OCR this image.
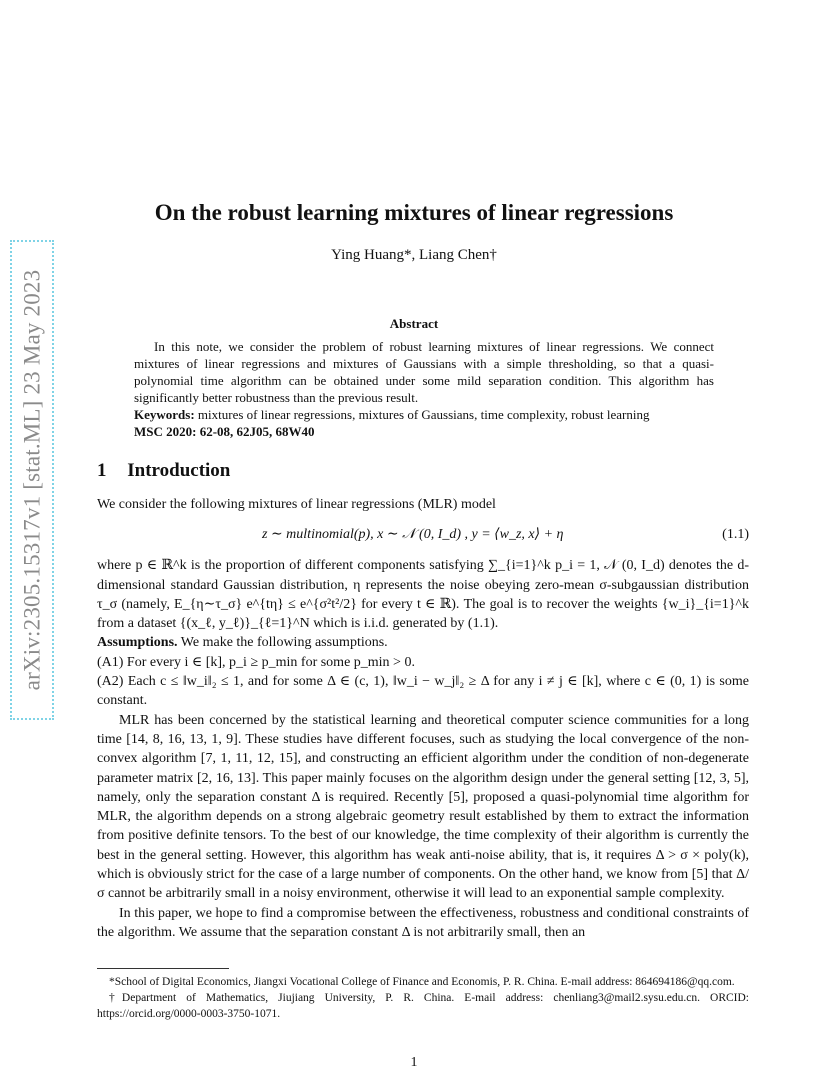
arXiv:2305.15317v1 [stat.ML] 23 May 2023
On the robust learning mixtures of linear regressions
Ying Huang*, Liang Chen†
Abstract

In this note, we consider the problem of robust learning mixtures of linear regressions. We connect mixtures of linear regressions and mixtures of Gaussians with a simple thresholding, so that a quasi-polynomial time algorithm can be obtained under some mild separation condition. This algorithm has significantly better robustness than the previous result.

Keywords: mixtures of linear regressions, mixtures of Gaussians, time complexity, robust learning

MSC 2020: 62-08, 62J05, 68W40

1 Introduction

We consider the following mixtures of linear regressions (MLR) model

z ∼ multinomial(p), x ∼ 𝒩 (0, I_d) , y = ⟨w_z, x⟩ + η	(1.1)

where p ∈ ℝ^k is the proportion of different components satisfying ∑_{i=1}^k p_i = 1, 𝒩 (0, I_d) denotes the d-dimensional standard Gaussian distribution, η represents the noise obeying zero-mean σ-subgaussian distribution τ_σ (namely, E_{η∼τ_σ} e^{tη} ≤ e^{σ²t²/2} for every t ∈ ℝ). The goal is to recover the weights {w_i}_{i=1}^k from a dataset {(x_ℓ, y_ℓ)}_{ℓ=1}^N which is i.i.d. generated by (1.1).

Assumptions. We make the following assumptions.

(A1) For every i ∈ [k], p_i ≥ p_min for some p_min > 0.

(A2) Each c ≤ ‖w_i‖₂ ≤ 1, and for some Δ ∈ (c, 1), ‖w_i − w_j‖₂ ≥ Δ for any i ≠ j ∈ [k], where c ∈ (0, 1) is some constant.

MLR has been concerned by the statistical learning and theoretical computer science communities for a long time [14, 8, 16, 13, 1, 9]. These studies have different focuses, such as studying the local convergence of the non-convex algorithm [7, 1, 11, 12, 15], and constructing an efficient algorithm under the condition of non-degenerate parameter matrix [2, 16, 13]. This paper mainly focuses on the algorithm design under the general setting [12, 3, 5], namely, only the separation constant Δ is required. Recently [5], proposed a quasi-polynomial time algorithm for MLR, the algorithm depends on a strong algebraic geometry result established by them to extract the information from positive definite tensors. To the best of our knowledge, the time complexity of their algorithm is currently the best in the general setting. However, this algorithm has weak anti-noise ability, that is, it requires Δ > σ × poly(k), which is obviously strict for the case of a large number of components. On the other hand, we know from [5] that Δ/σ cannot be arbitrarily small in a noisy environment, otherwise it will lead to an exponential sample complexity.

In this paper, we hope to find a compromise between the effectiveness, robustness and conditional constraints of the algorithm. We assume that the separation constant Δ is not arbitrarily small, then an

*School of Digital Economics, Jiangxi Vocational College of Finance and Economis, P. R. China. E-mail address: 864694186@qq.com.

†Department of Mathematics, Jiujiang University, P. R. China. E-mail address: chenliang3@mail2.sysu.edu.cn. ORCID: https://orcid.org/0000-0003-3750-1071.

1
